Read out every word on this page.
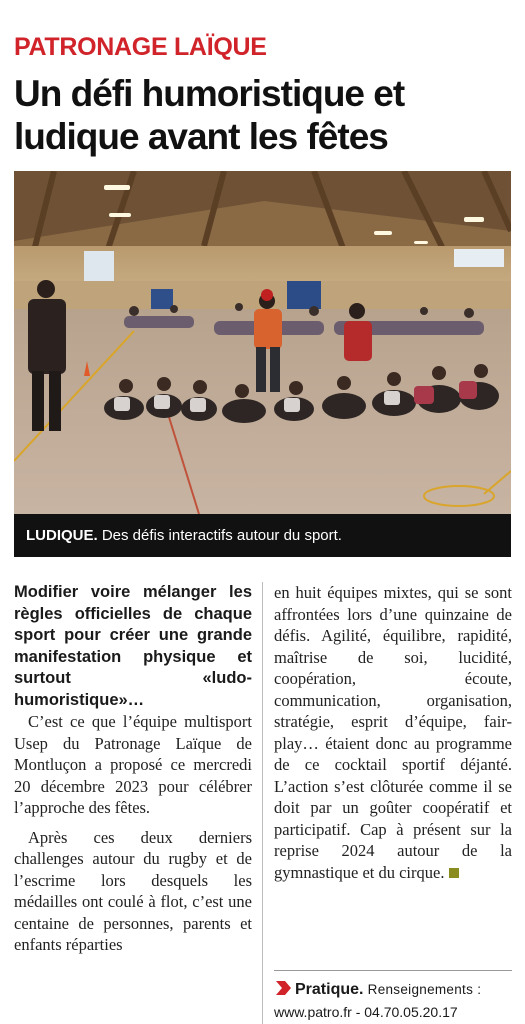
PATRONAGE LAÏQUE
Un défi humoristique et ludique avant les fêtes
LUDIQUE. Des défis interactifs autour du sport.

Modifier voire mélanger les règles officielles de chaque sport pour créer une grande manifestation physique et surtout «ludo-humoristique»…

C’est ce que l’équipe multisport Usep du Patronage Laïque de Montluçon a proposé ce mercredi 20 décembre 2023 pour célébrer l’approche des fêtes.

Après ces deux derniers challenges autour du rugby et de l’escrime lors desquels les médailles ont coulé à flot, c’est une centaine de personnes, parents et enfants réparties

en huit équipes mixtes, qui se sont affrontées lors d’une quinzaine de défis. Agilité, équilibre, rapidité, maîtrise de soi, lucidité, coopération, écoute, communication, organisation, stratégie, esprit d’équipe, fair-play… étaient donc au programme de ce cocktail sportif déjanté. L’action s’est clôturée comme il se doit par un goûter coopératif et participatif. Cap à présent sur la reprise 2024 autour de la gymnastique et du cirque.

Pratique. Renseignements :
www.patro.fr - 04.70.05.20.17
